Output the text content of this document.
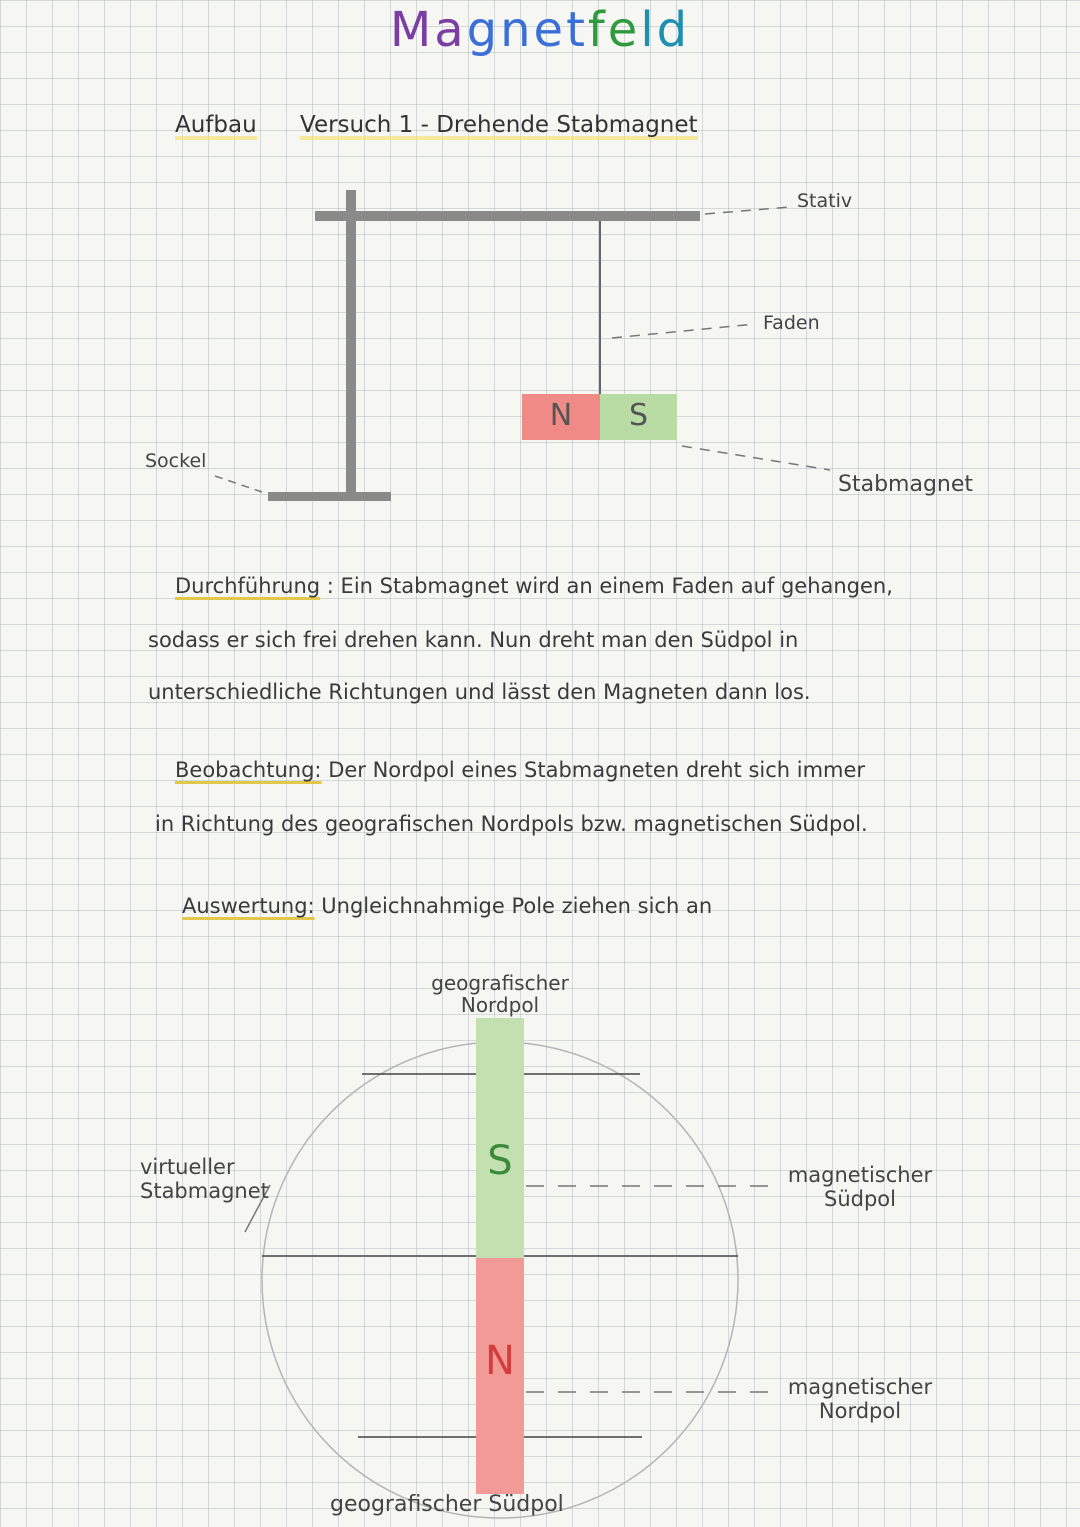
Magnetfeld
Aufbau Versuch 1 - Drehende Stabmagnet
Stativ
Faden
Sockel
Stabmagnet
N	S
Durchführung : Ein Stabmagnet wird an einem Faden auf gehangen,
sodass er sich frei drehen kann. Nun dreht man den Südpol in
unterschiedliche Richtungen und lässt den Magneten dann los.
Beobachtung: Der Nordpol eines Stabmagneten dreht sich immer
in Richtung des geografischen Nordpols bzw. magnetischen Südpol.
Auswertung: Ungleichnahmige Pole ziehen sich an
geografischer
Nordpol
virtueller
Stabmagnet
magnetischer
Südpol
magnetischer
Nordpol
geografischer Südpol
S
N
